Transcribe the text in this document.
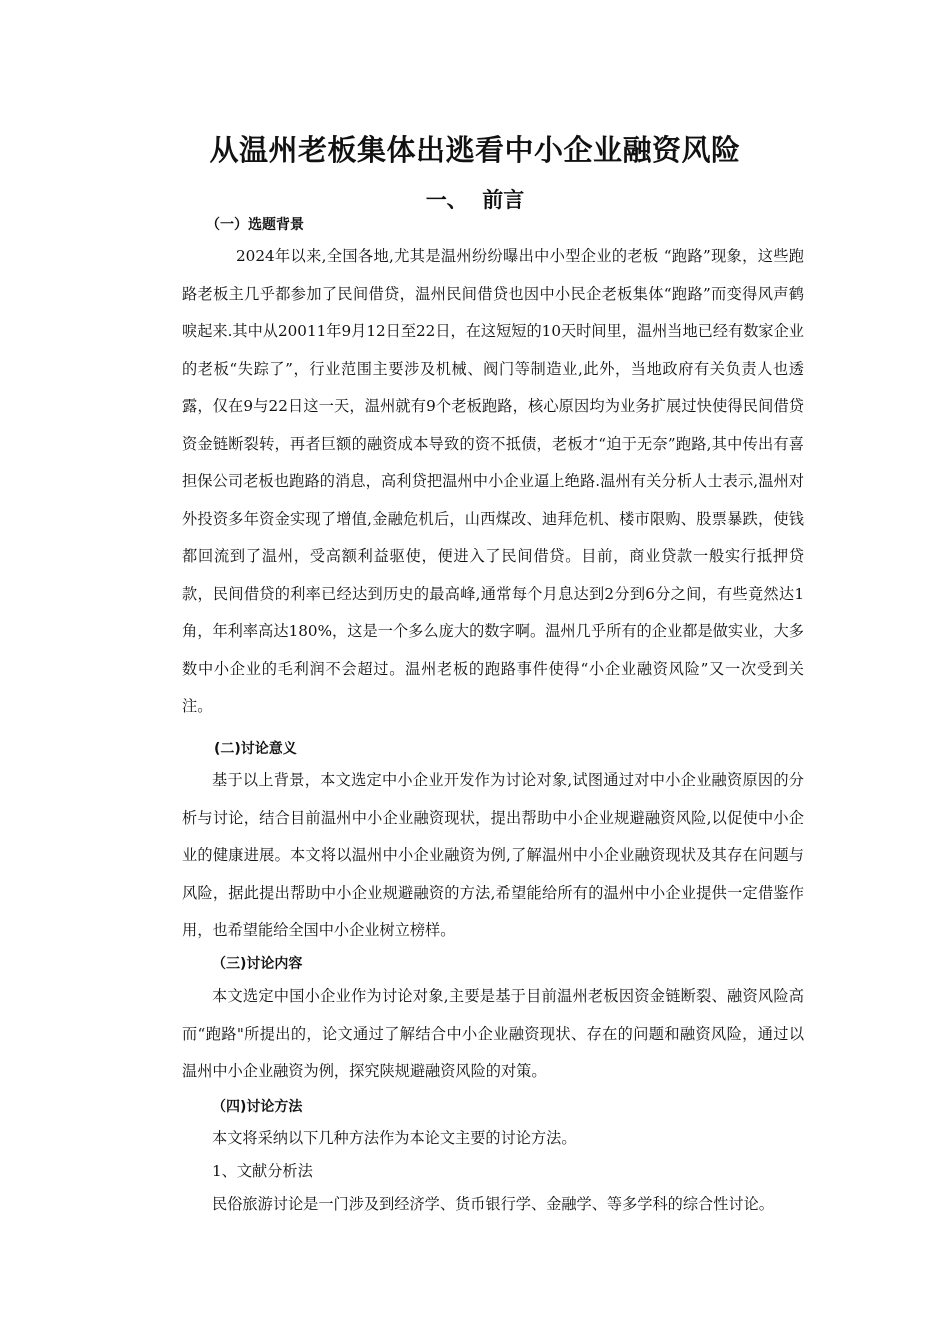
从温州老板集体出逃看中小企业融资风险
一、  前言
（一）选题背景

2024年以来,全国各地,尤其是温州纷纷曝出中小型企业的老板 “跑路”现象，这些跑路老板主几乎都参加了民间借贷，温州民间借贷也因中小民企老板集体“跑路”而变得风声鹤唳起来.其中从20011年9月12日至22日，在这短短的10天时间里，温州当地已经有数家企业的老板“失踪了”，行业范围主要涉及机械、阀门等制造业,此外，当地政府有关负责人也透露，仅在9与22日这一天，温州就有9个老板跑路，核心原因均为业务扩展过快使得民间借贷资金链断裂转，再者巨额的融资成本导致的资不抵债，老板才“迫于无奈”跑路,其中传出有喜担保公司老板也跑路的消息，高利贷把温州中小企业逼上绝路.温州有关分析人士表示,温州对外投资多年资金实现了增值,金融危机后，山西煤改、迪拜危机、楼市限购、股票暴跌，使钱都回流到了温州，受高额利益驱使，便进入了民间借贷。目前，商业贷款一般实行抵押贷款，民间借贷的利率已经达到历史的最高峰,通常每个月息达到2分到6分之间，有些竟然达1角，年利率高达180%，这是一个多么庞大的数字啊。温州几乎所有的企业都是做实业，大多数中小企业的毛利润不会超过。温州老板的跑路事件使得“小企业融资风险”又一次受到关注。

(二)讨论意义

基于以上背景，本文选定中小企业开发作为讨论对象,试图通过对中小企业融资原因的分析与讨论，结合目前温州中小企业融资现状，提出帮助中小企业规避融资风险,以促使中小企业的健康进展。本文将以温州中小企业融资为例,了解温州中小企业融资现状及其存在问题与风险，据此提出帮助中小企业规避融资的方法,希望能给所有的温州中小企业提供一定借鉴作用，也希望能给全国中小企业树立榜样。

（三)讨论内容

本文选定中国小企业作为讨论对象,主要是基于目前温州老板因资金链断裂、融资风险高而“跑路"所提出的，论文通过了解结合中小企业融资现状、存在的问题和融资风险，通过以温州中小企业融资为例，探究陕规避融资风险的对策。

（四)讨论方法
本文将采纳以下几种方法作为本论文主要的讨论方法。
1、文献分析法
民俗旅游讨论是一门涉及到经济学、货币银行学、金融学、等多学科的综合性讨论。
